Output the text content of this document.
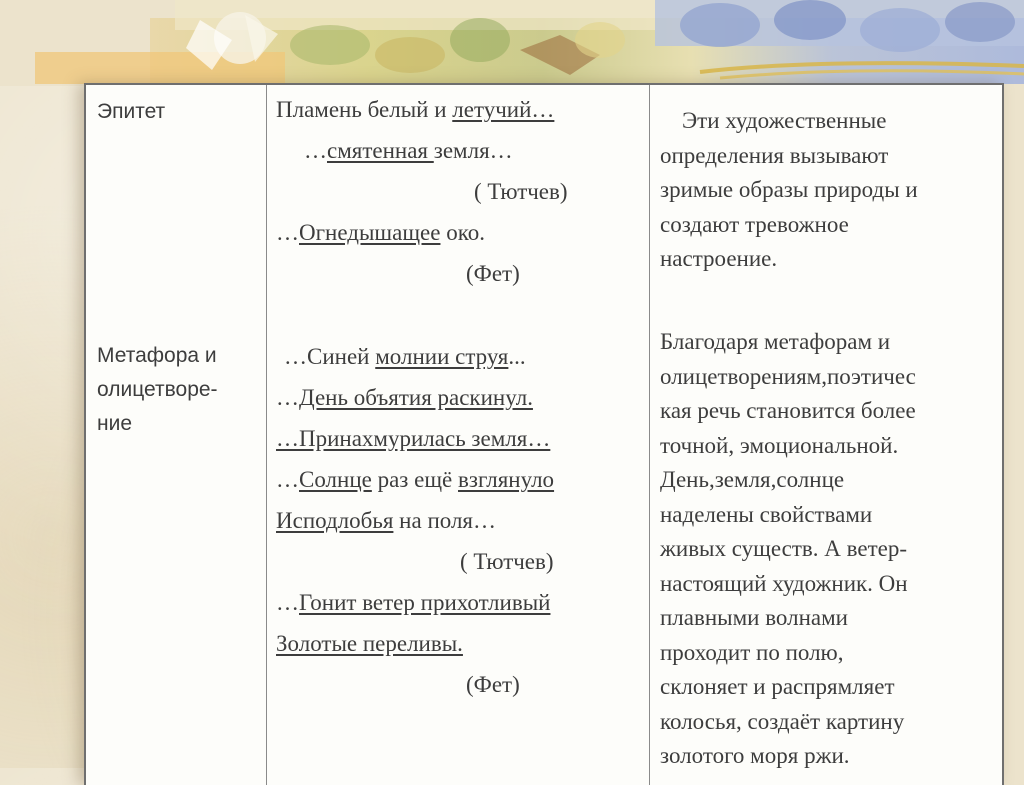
Эпитет	Пламень белый и летучий…
…смятенная земля…
( Тютчев)
…Огнедышащее око.
(Фет)
Эти художественные
определения вызывают
зримые образы природы и
создают тревожное
настроение.
Метафора и
олицетворе-
ние
…Синей молнии струя...
…День объятия раскинул.
…Принахмурилась земля…
…Солнце раз ещё взглянуло
Исподлобья на поля…
( Тютчев)
…Гонит ветер прихотливый
Золотые переливы.
(Фет)
Благодаря метафорам и
олицетворениям,поэтичес
кая речь становится более
точной, эмоциональной.
День,земля,солнце
наделены свойствами
живых существ. А ветер-
настоящий художник. Он
плавными волнами
проходит по полю,
склоняет и распрямляет
колосья, создаёт картину
золотого моря ржи.
